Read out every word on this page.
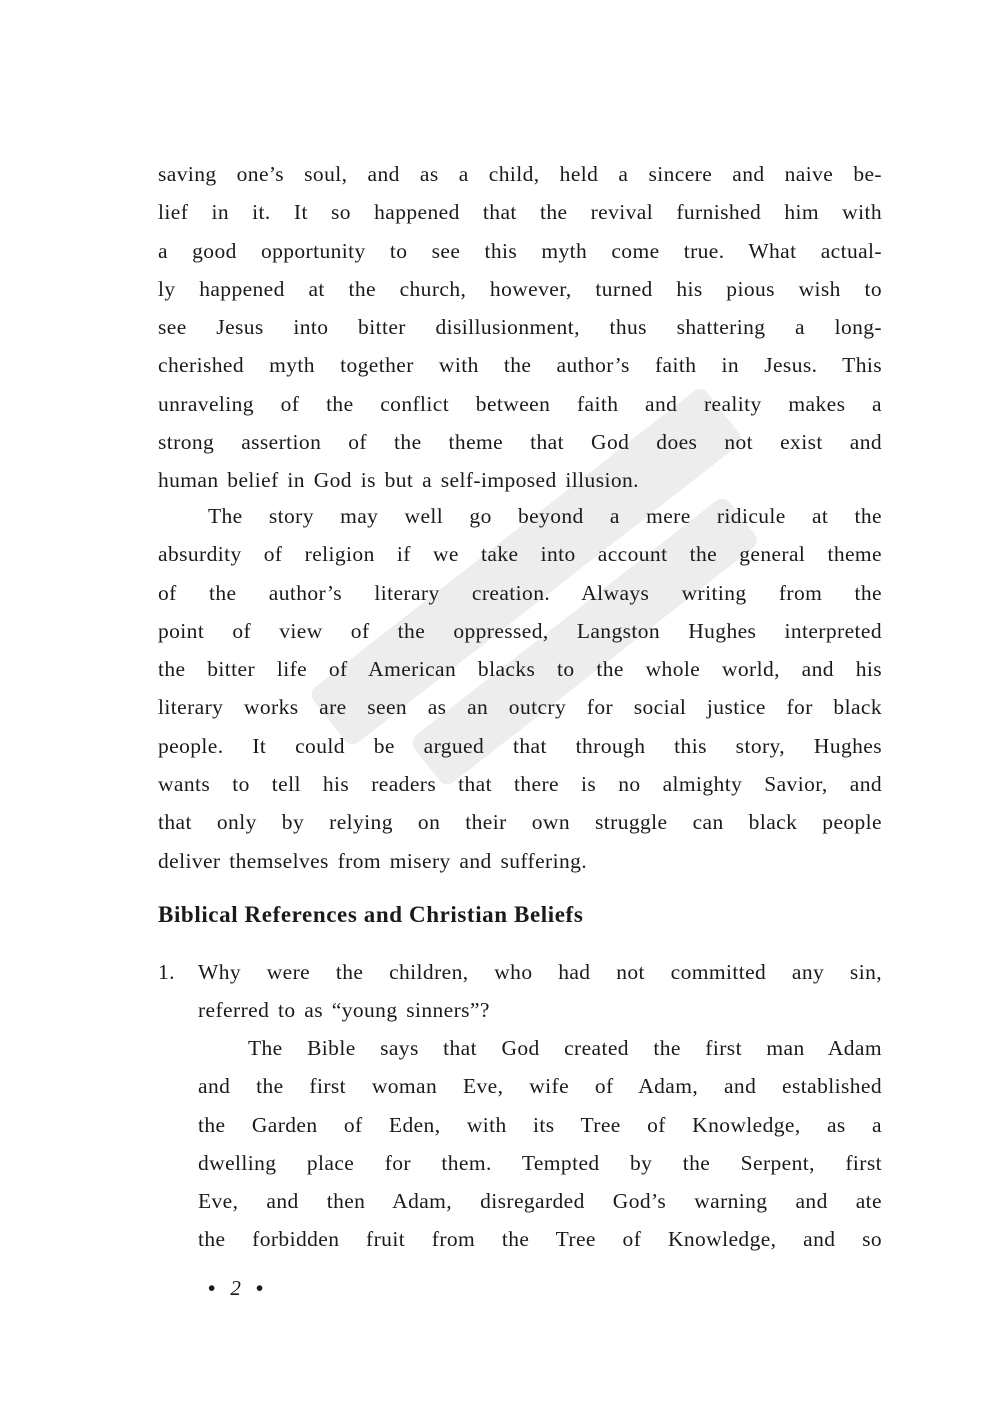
saving one’s soul, and as a child, held a sincere and naive be-
lief in it. It so happened that the revival furnished him with
a good opportunity to see this myth come true. What actual-
ly happened at the church, however, turned his pious wish to
see Jesus into bitter disillusionment, thus shattering a long-
cherished myth together with the author’s faith in Jesus. This
unraveling of the conflict between faith and reality makes a
strong assertion of the theme that God does not exist and
human belief in God is but a self-imposed illusion.
The story may well go beyond a mere ridicule at the
absurdity of religion if we take into account the general theme
of the author’s literary creation. Always writing from the
point of view of the oppressed, Langston Hughes interpreted
the bitter life of American blacks to the whole world, and his
literary works are seen as an outcry for social justice for black
people. It could be argued that through this story, Hughes
wants to tell his readers that there is no almighty Savior, and
that only by relying on their own struggle can black people
deliver themselves from misery and suffering.
Biblical References and Christian Beliefs
1. Why were the children, who had not committed any sin,
referred to as “young sinners”?
The Bible says that God created the first man Adam
and the first woman Eve, wife of Adam, and established
the Garden of Eden, with its Tree of Knowledge, as a
dwelling place for them. Tempted by the Serpent, first
Eve, and then Adam, disregarded God’s warning and ate
the forbidden fruit from the Tree of Knowledge, and so
• 2 •
